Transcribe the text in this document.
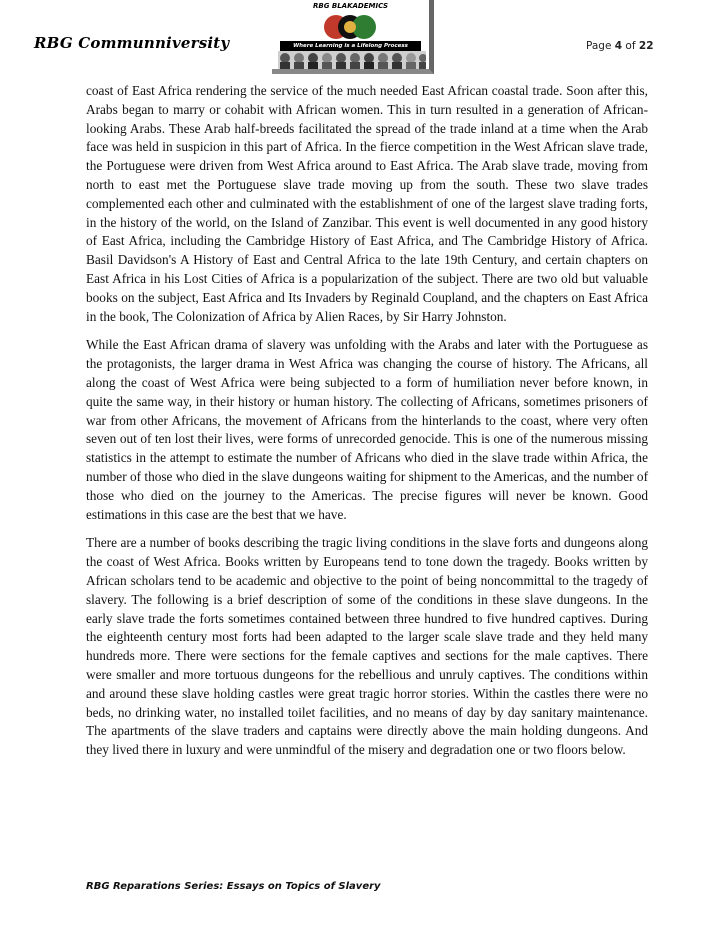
RBG Communniversity
RBG BLAKADEMICS
Where Learning is a Lifelong Process	Page 4 of 22

coast of East Africa rendering the service of the much needed East African coastal trade. Soon after this, Arabs began to marry or cohabit with African women. This in turn resulted in a generation of African-looking Arabs. These Arab half-breeds facilitated the spread of the trade inland at a time when the Arab face was held in suspicion in this part of Africa. In the fierce competition in the West African slave trade, the Portuguese were driven from West Africa around to East Africa. The Arab slave trade, moving from north to east met the Portuguese slave trade moving up from the south. These two slave trades complemented each other and culminated with the establishment of one of the largest slave trading forts, in the history of the world, on the Island of Zanzibar. This event is well documented in any good history of East Africa, including the Cambridge History of East Africa, and The Cambridge History of Africa. Basil Davidson's A History of East and Central Africa to the late 19th Century, and certain chapters on East Africa in his Lost Cities of Africa is a popularization of the subject. There are two old but valuable books on the subject, East Africa and Its Invaders by Reginald Coupland, and the chapters on East Africa in the book, The Colonization of Africa by Alien Races, by Sir Harry Johnston.

While the East African drama of slavery was unfolding with the Arabs and later with the Portuguese as the protagonists, the larger drama in West Africa was changing the course of history. The Africans, all along the coast of West Africa were being subjected to a form of humiliation never before known, in quite the same way, in their history or human history. The collecting of Africans, sometimes prisoners of war from other Africans, the movement of Africans from the hinterlands to the coast, where very often seven out of ten lost their lives, were forms of unrecorded genocide. This is one of the numerous missing statistics in the attempt to estimate the number of Africans who died in the slave trade within Africa, the number of those who died in the slave dungeons waiting for shipment to the Americas, and the number of those who died on the journey to the Americas. The precise figures will never be known. Good estimations in this case are the best that we have.

There are a number of books describing the tragic living conditions in the slave forts and dungeons along the coast of West Africa. Books written by Europeans tend to tone down the tragedy. Books written by African scholars tend to be academic and objective to the point of being noncommittal to the tragedy of slavery. The following is a brief description of some of the conditions in these slave dungeons. In the early slave trade the forts sometimes contained between three hundred to five hundred captives. During the eighteenth century most forts had been adapted to the larger scale slave trade and they held many hundreds more. There were sections for the female captives and sections for the male captives. There were smaller and more tortuous dungeons for the rebellious and unruly captives. The conditions within and around these slave holding castles were great tragic horror stories. Within the castles there were no beds, no drinking water, no installed toilet facilities, and no means of day by day sanitary maintenance. The apartments of the slave traders and captains were directly above the main holding dungeons. And they lived there in luxury and were unmindful of the misery and degradation one or two floors below.

RBG Reparations Series: Essays on Topics of Slavery
